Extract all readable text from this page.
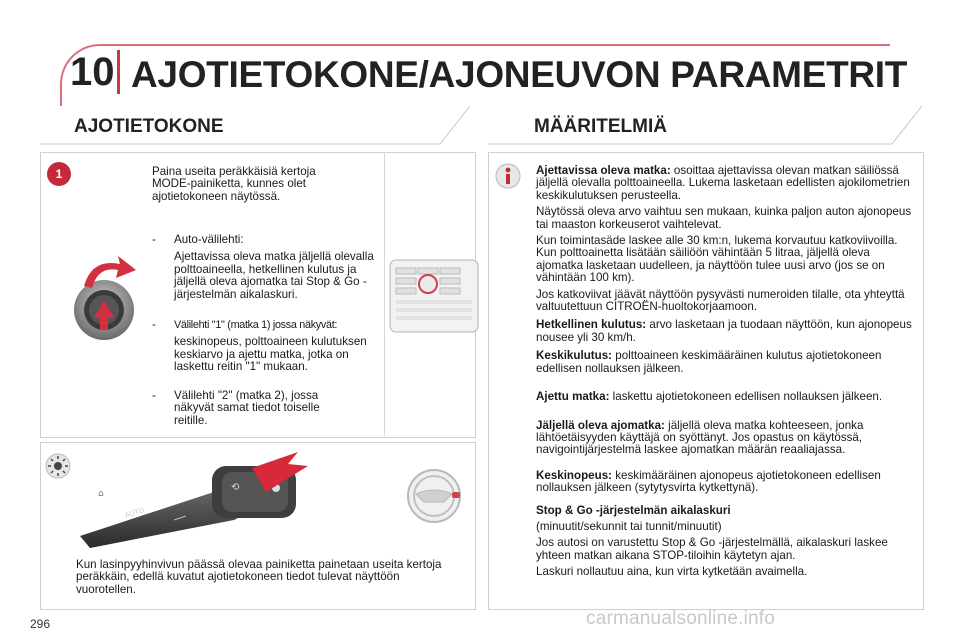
10 AJOTIETOKONE/AJONEUVON PARAMETRIT
AJOTIETOKONE	MÄÄRITELMIÄ
1	Paina useita peräkkäisiä kertoja MODE-painiketta, kunnes olet ajotietokoneen näytössä.
-	Auto-välilehti:
Ajettavissa oleva matka jäljellä olevalla polttoaineella, hetkellinen kulutus ja jäljellä oleva ajomatka tai Stop & Go -järjestelmän aikalaskuri.
-	Välilehti "1" (matka 1) jossa näkyvät:
keskinopeus, polttoaineen kulutuksen keskiarvo ja ajettu matka, jotka on laskettu reitin "1" mukaan.
-	Välilehti "2" (matka 2), jossa näkyvät samat tiedot toiselle reitille.
⟲
⌂
AUTO
Kun lasinpyyhinvivun päässä olevaa painiketta painetaan useita kertoja peräkkäin, edellä kuvatut ajotietokoneen tiedot tulevat näyttöön vuorotellen.

Ajettavissa oleva matka: osoittaa ajettavissa olevan matkan säiliössä jäljellä olevalla polttoaineella. Lukema lasketaan edellisten ajokilometrien keskikulutuksen perusteella.

Näytössä oleva arvo vaihtuu sen mukaan, kuinka paljon auton ajonopeus tai maaston korkeuserot vaihtelevat.

Kun toimintasäde laskee alle 30 km:n, lukema korvautuu katkoviivoilla. Kun polttoainetta lisätään säiliöön vähintään 5 litraa, jäljellä oleva ajomatka lasketaan uudelleen, ja näyttöön tulee uusi arvo (jos se on vähintään 100 km).

Jos katkoviivat jäävät näyttöön pysyvästi numeroiden tilalle, ota yhteyttä valtuutettuun CITROËN-huoltokorjaamoon.

Hetkellinen kulutus: arvo lasketaan ja tuodaan näyttöön, kun ajonopeus nousee yli 30 km/h.

Keskikulutus: polttoaineen keskimääräinen kulutus ajotietokoneen edellisen nollauksen jälkeen.

Ajettu matka: laskettu ajotietokoneen edellisen nollauksen jälkeen.

Jäljellä oleva ajomatka: jäljellä oleva matka kohteeseen, jonka lähtöetäisyyden käyttäjä on syöttänyt. Jos opastus on käytössä, navigointijärjestelmä laskee ajomatkan määrän reaaliajassa.

Keskinopeus: keskimääräinen ajonopeus ajotietokoneen edellisen nollauksen jälkeen (sytytysvirta kytkettynä).

Stop & Go -järjestelmän aikalaskuri

(minuutit/sekunnit tai tunnit/minuutit)

Jos autosi on varustettu Stop & Go -järjestelmällä, aikalaskuri laskee yhteen matkan aikana STOP-tiloihin käytetyn ajan.

Laskuri nollautuu aina, kun virta kytketään avaimella.

296	carmanualsonline.info
